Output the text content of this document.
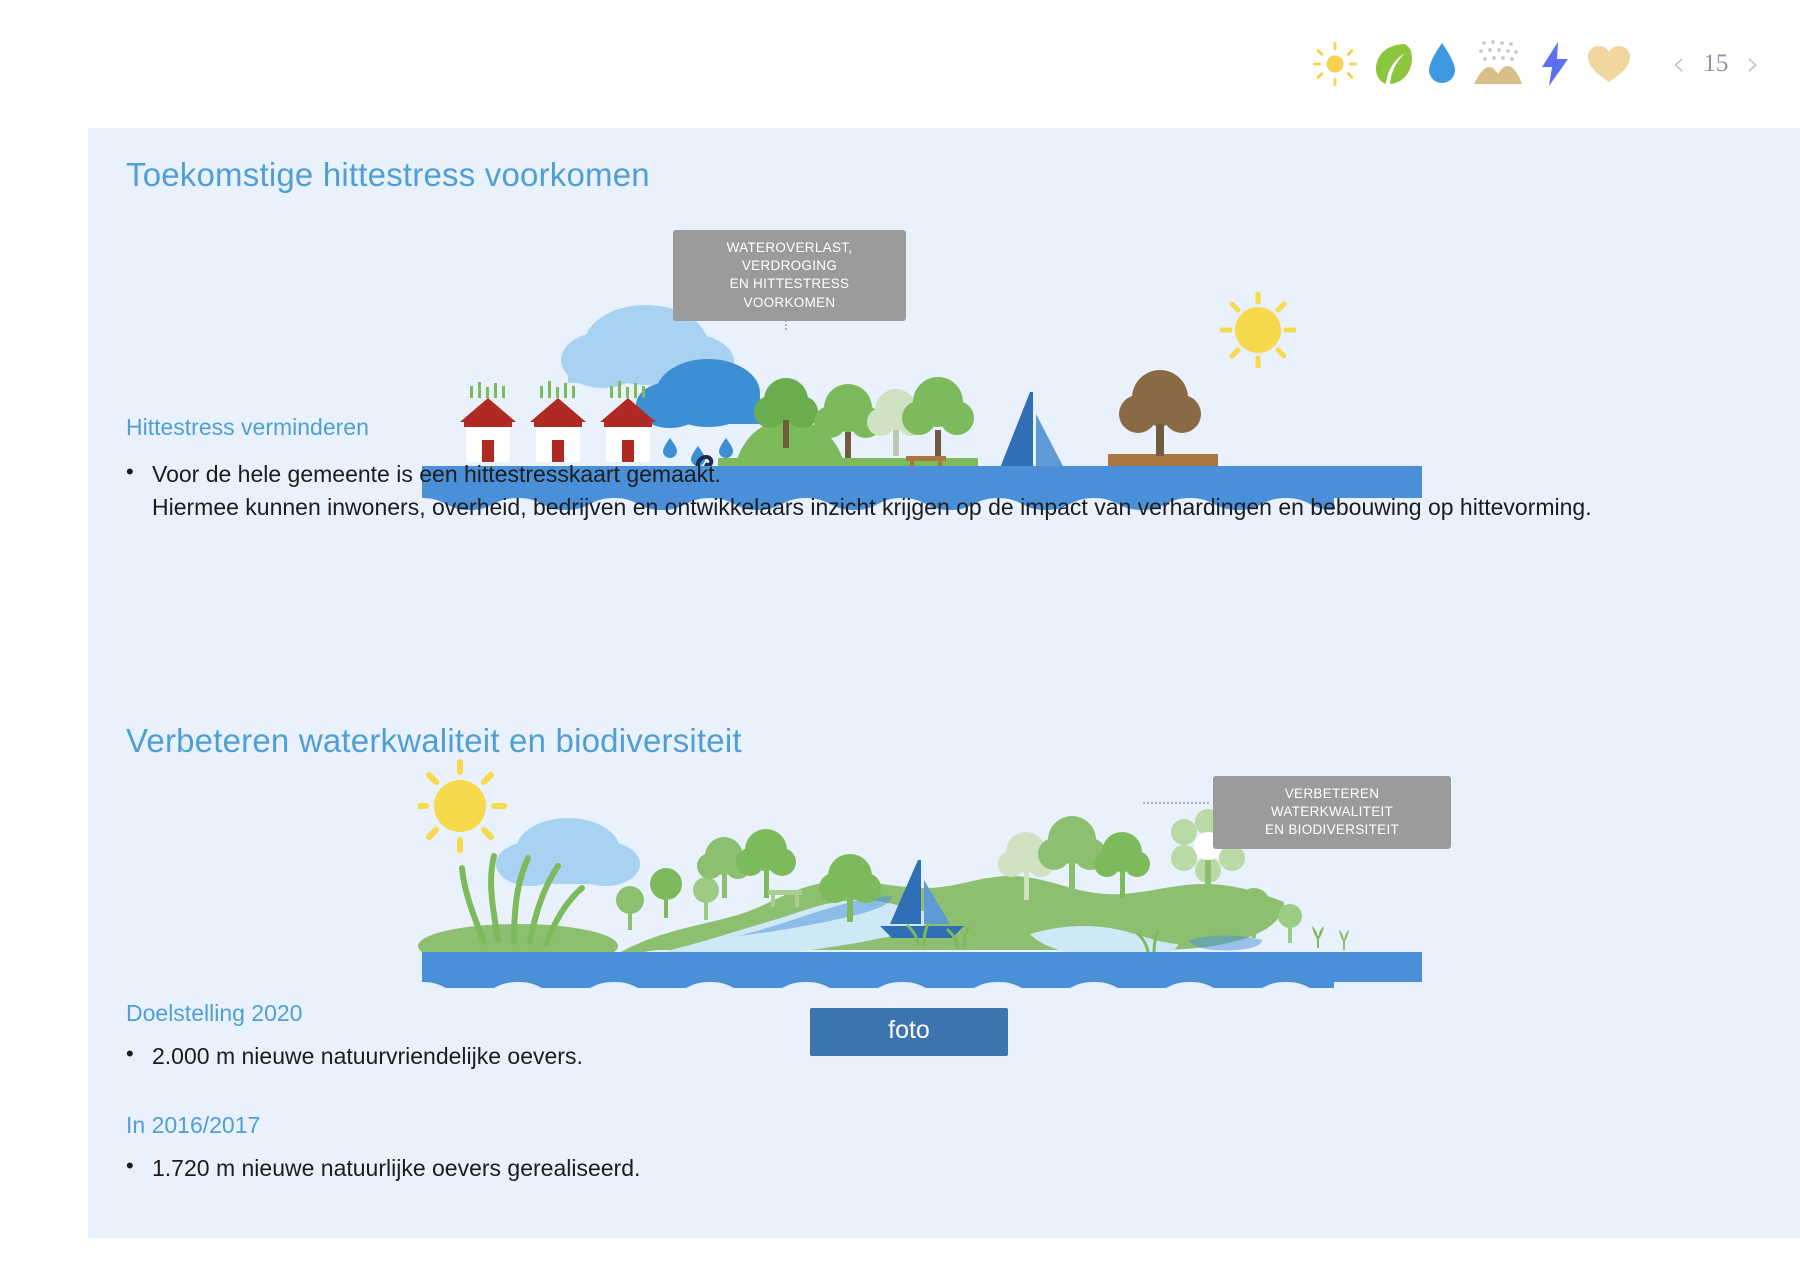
‹ 15 ›
Toekomstige hittestress voorkomen
WATEROVERLAST, VERDROGING
EN HITTESTRESS VOORKOMEN
Hittestress verminderen
• Voor de hele gemeente is een hittestresskaart gemaakt.
Hiermee kunnen inwoners, overheid, bedrijven en ontwikkelaars inzicht krijgen op de impact van verhardingen en bebouwing op hittevorming.
Verbeteren waterkwaliteit en biodiversiteit
VERBETEREN WATERKWALITEIT
EN BIODIVERSITEIT
foto
Doelstelling 2020
• 2.000 m nieuwe natuurvriendelijke oevers.
In 2016/2017
• 1.720 m nieuwe natuurlijke oevers gerealiseerd.
